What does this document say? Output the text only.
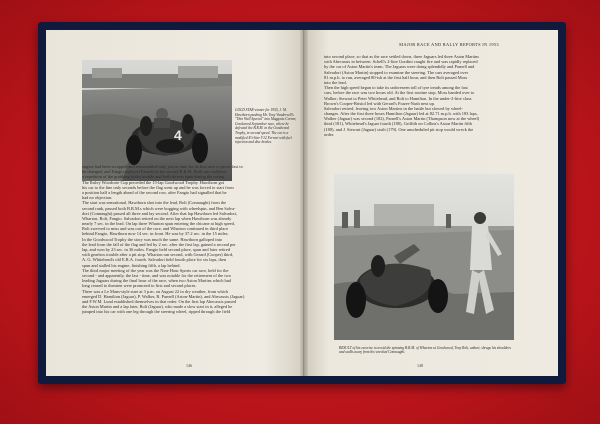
4
GOLD STAR winner for 1955, J. M. Hawthorn pushing Mr. Tony Vandervell's "Thin Wall Special" into Maggotts Corner, Goodwood September race, where he defeated the B.R.M. in the Goodwood Trophy, in second speed. The car is a modified 4½-litre V12 Ferrari with fuel injection and disc brakes.
engine had been scrapped and reassembled only just in time for its first race to prove fast to
be changed, and Fangio replaced Parnell on the second B.R.M. Both cars suffered
a repetition of the grabbing brake trouble and both drivers spun during the racing.
The Ibsley Woodcote Cup preceded the 15-lap Goodwood Trophy. Hawthorn got
his car to the line only seconds before the flag went up and he was forced to start from
a position half a length ahead of the second row, after Fangio had signalled that he
had no objection.
The start was sensational. Hawthorn shot into the lead, Rolt (Connaught) from the
second rank, passed both B.R.M.s which were bogging with wheelspin, and Ben Salva-
dori (Connaught) passed all three and lay second. After that lap Hawthorn led Salvadori,
Wharton, Rolt, Fangio. Salvadori retired on the next lap when Hawthorn was already
nearly 7 sec. in the lead. On lap three Wharton spun entering the chicane at high speed,
Rolt swerved to miss and was out of the race, and Wharton continued in third place
behind Fangio, Hawthorn now 14 sec. in front. He was by 37.2 sec. in the 15 miles.
In the Goodwood Trophy the story was much the same. Hawthorn galloped into
the lead from the fall of the flag and led by 2 sec. after the first lap, gained a second per
lap, and won by 23 sec. in 36 miles. Fangio held second place, spun and later retired
with gearbox trouble after a pit stop. Wharton ran second, with Gerard (Cooper) third,
A. G. Whitehead's old E.R.A. fourth. Salvadori held fourth place for six laps, then
spun and stalled his engine, finishing fifth, a lap behind.
The third major meeting of the year was the Nine Hour Sports car race, held for the
second - and apparently, the last - time, and was notable for the retirement of the two
leading Jaguars during the final hour of the race, when two Aston Martins which had
long ceased to threaten were promoted to first and second places.
There was a Le Mans-style start at 3 p.m. on August 22 in dry weather, from which
emerged D. Hamilton (Jaguar), P. Walker, R. Parnell (Aston-Martin), and Abecassis (Jaguar)
and F.W.M. Lund established themselves in that order. On the first lap Abecassis passed
the Aston Martin and a lap later, Rolt (Jaguar), who made a slow start in it, alleged he
jumped into his car with one leg through the steering wheel, ripped through the field
146
MAJOR RACE AND RALLY REPORTS IN 1953
into second place, so that as the race settled down, three Jaguars led three Aston Martins
with Abecassis in between. Schell's 2-litre Gordini caught fire and was rapidly replaced
by the car of Aston Martin's team. The Jaguars were doing splendidly and Parnell and
Salvadori (Aston Martin) stopped to examine the steering. The cars averaged over
81 m.p.h. to run, averaged 80-ish at the first half hour, and then Rolt passed Moss
into the lead.
Then the high speed began to take its unforeseen toll of tyre treads among the fast
cars, before the race was two hours old. At the first routine stop, Moss handed over to
Walker; Stewart to Peter Whitehead, and Rolt to Hamilton. In the under-2-litre class
Brown's Cooper-Bristol led with Gerard's Frazer-Nash next up.
Salvadori retired, leaving two Aston Martins in the battle but slowed by wheel-
changes. After the first three hours Hamilton (Jaguar) led at 82.71 m.p.h. with 183 laps,
Walker (Jaguar) was second (182), Parnell's Aston Martin (Thompson now at the wheel)
third (181), Whitehead's Jaguar fourth (180), Griffith on Collins's Aston Martin fifth
(180), and J. Stewart (Jaguar) sixth (179). One unscheduled pit stop would wreck the
order.
RESULT of his exercise to avoid the spinning B.R.M. of Wharton at Goodwood, Tony Rolt, unhurt, shrugs his shoulders and walks away from his wrecked Connaught.
148
